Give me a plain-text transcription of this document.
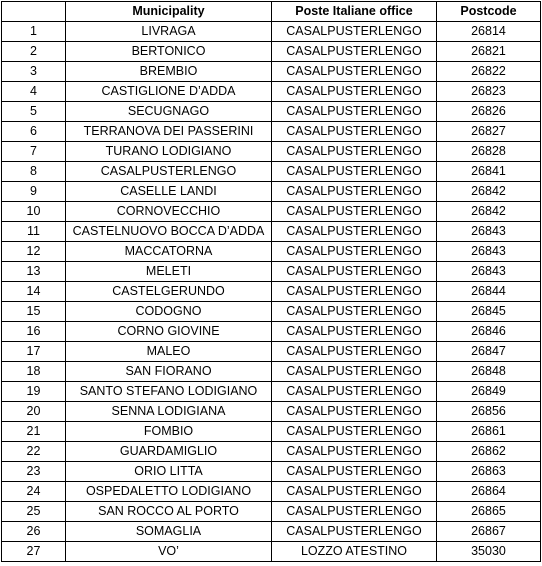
	Municipality	Poste Italiane office	Postcode
1	LIVRAGA	CASALPUSTERLENGO	26814
2	BERTONICO	CASALPUSTERLENGO	26821
3	BREMBIO	CASALPUSTERLENGO	26822
4	CASTIGLIONE D’ADDA	CASALPUSTERLENGO	26823
5	SECUGNAGO	CASALPUSTERLENGO	26826
6	TERRANOVA DEI PASSERINI	CASALPUSTERLENGO	26827
7	TURANO LODIGIANO	CASALPUSTERLENGO	26828
8	CASALPUSTERLENGO	CASALPUSTERLENGO	26841
9	CASELLE LANDI	CASALPUSTERLENGO	26842
10	CORNOVECCHIO	CASALPUSTERLENGO	26842
11	CASTELNUOVO BOCCA D’ADDA	CASALPUSTERLENGO	26843
12	MACCATORNA	CASALPUSTERLENGO	26843
13	MELETI	CASALPUSTERLENGO	26843
14	CASTELGERUNDO	CASALPUSTERLENGO	26844
15	CODOGNO	CASALPUSTERLENGO	26845
16	CORNO GIOVINE	CASALPUSTERLENGO	26846
17	MALEO	CASALPUSTERLENGO	26847
18	SAN FIORANO	CASALPUSTERLENGO	26848
19	SANTO STEFANO LODIGIANO	CASALPUSTERLENGO	26849
20	SENNA LODIGIANA	CASALPUSTERLENGO	26856
21	FOMBIO	CASALPUSTERLENGO	26861
22	GUARDAMIGLIO	CASALPUSTERLENGO	26862
23	ORIO LITTA	CASALPUSTERLENGO	26863
24	OSPEDALETTO LODIGIANO	CASALPUSTERLENGO	26864
25	SAN ROCCO AL PORTO	CASALPUSTERLENGO	26865
26	SOMAGLIA	CASALPUSTERLENGO	26867
27	VO’	LOZZO ATESTINO	35030
